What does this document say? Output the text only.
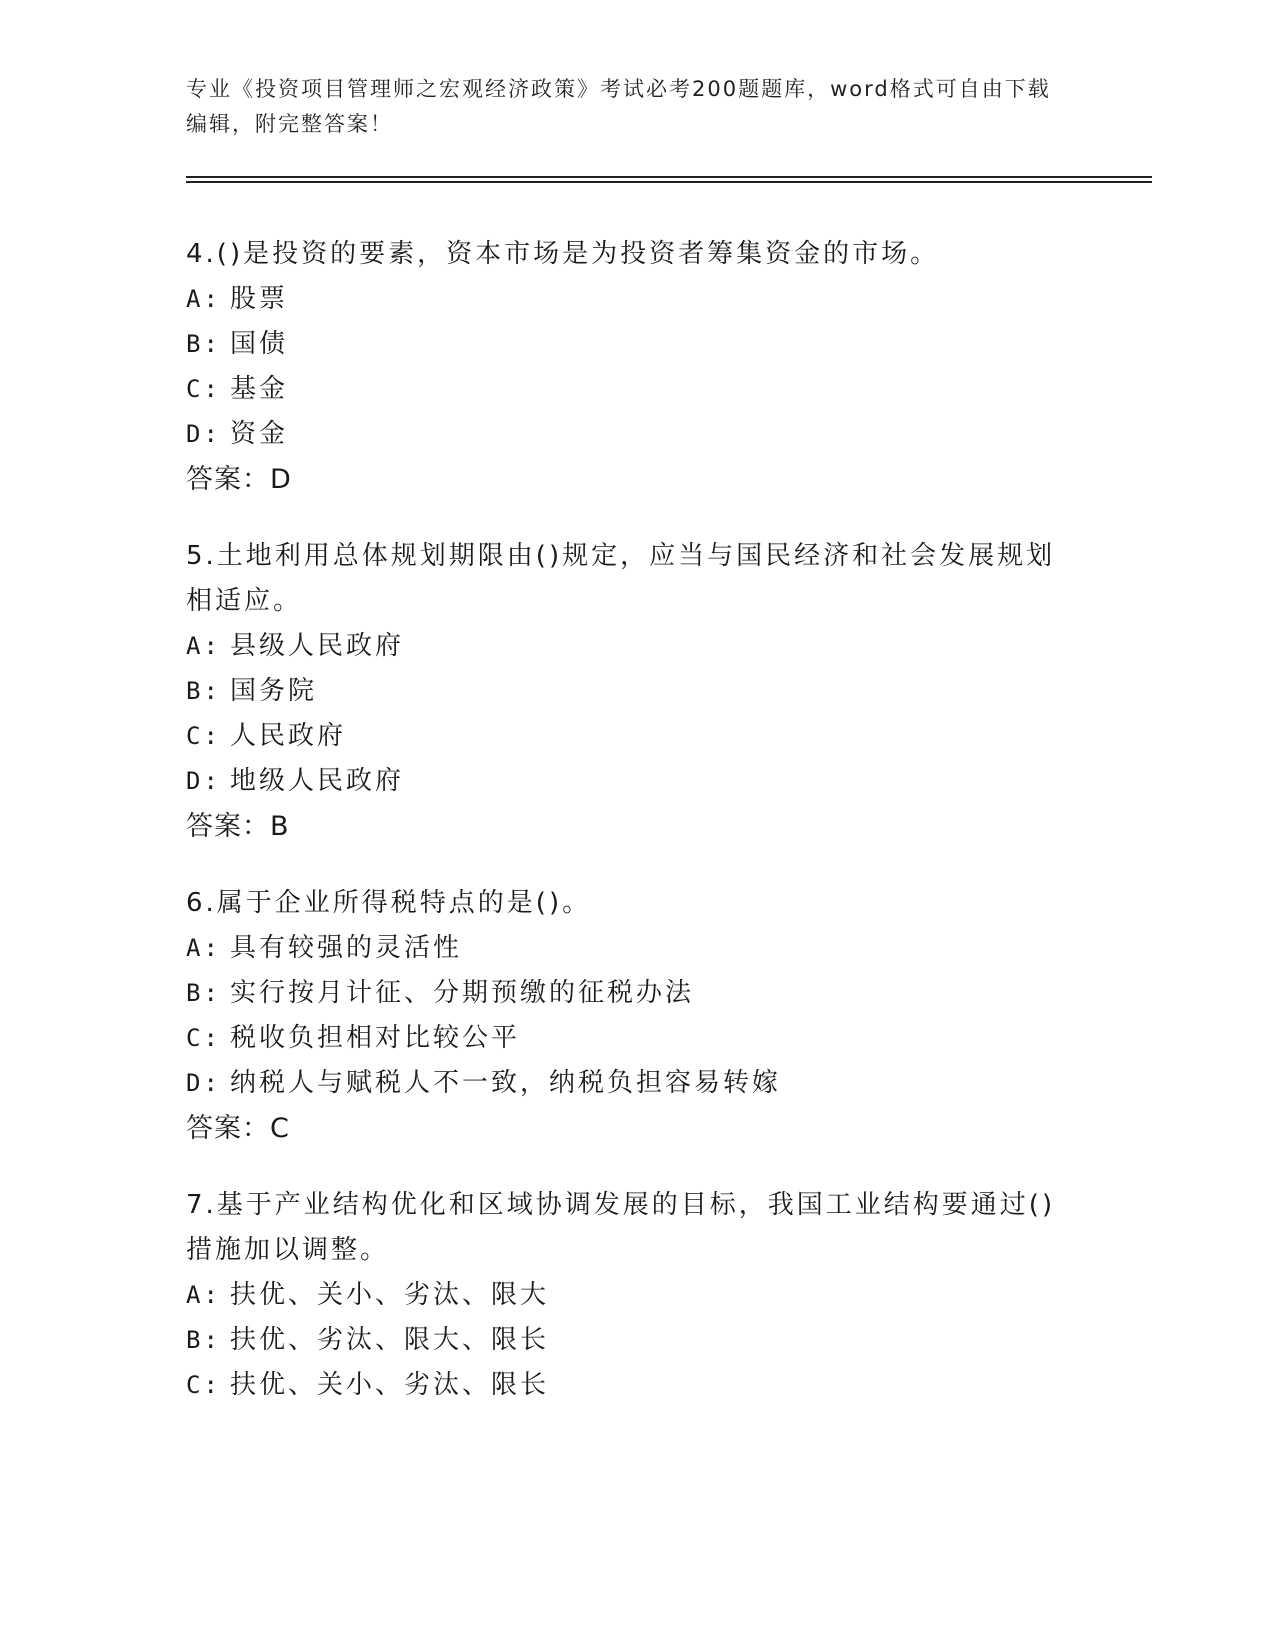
专业《投资项目管理师之宏观经济政策》考试必考200题题库，word格式可自由下载编辑，附完整答案！

4.()是投资的要素，资本市场是为投资者筹集资金的市场。

A: 股票
B: 国债
C: 基金
D: 资金

答案：D

5.土地利用总体规划期限由()规定，应当与国民经济和社会发展规划相适应。

A: 县级人民政府
B: 国务院
C: 人民政府
D: 地级人民政府

答案：B

6.属于企业所得税特点的是()。

A: 具有较强的灵活性
B: 实行按月计征、分期预缴的征税办法
C: 税收负担相对比较公平
D: 纳税人与赋税人不一致，纳税负担容易转嫁

答案：C

7.基于产业结构优化和区域协调发展的目标，我国工业结构要通过()措施加以调整。

A: 扶优、关小、劣汰、限大
B: 扶优、劣汰、限大、限长
C: 扶优、关小、劣汰、限长
